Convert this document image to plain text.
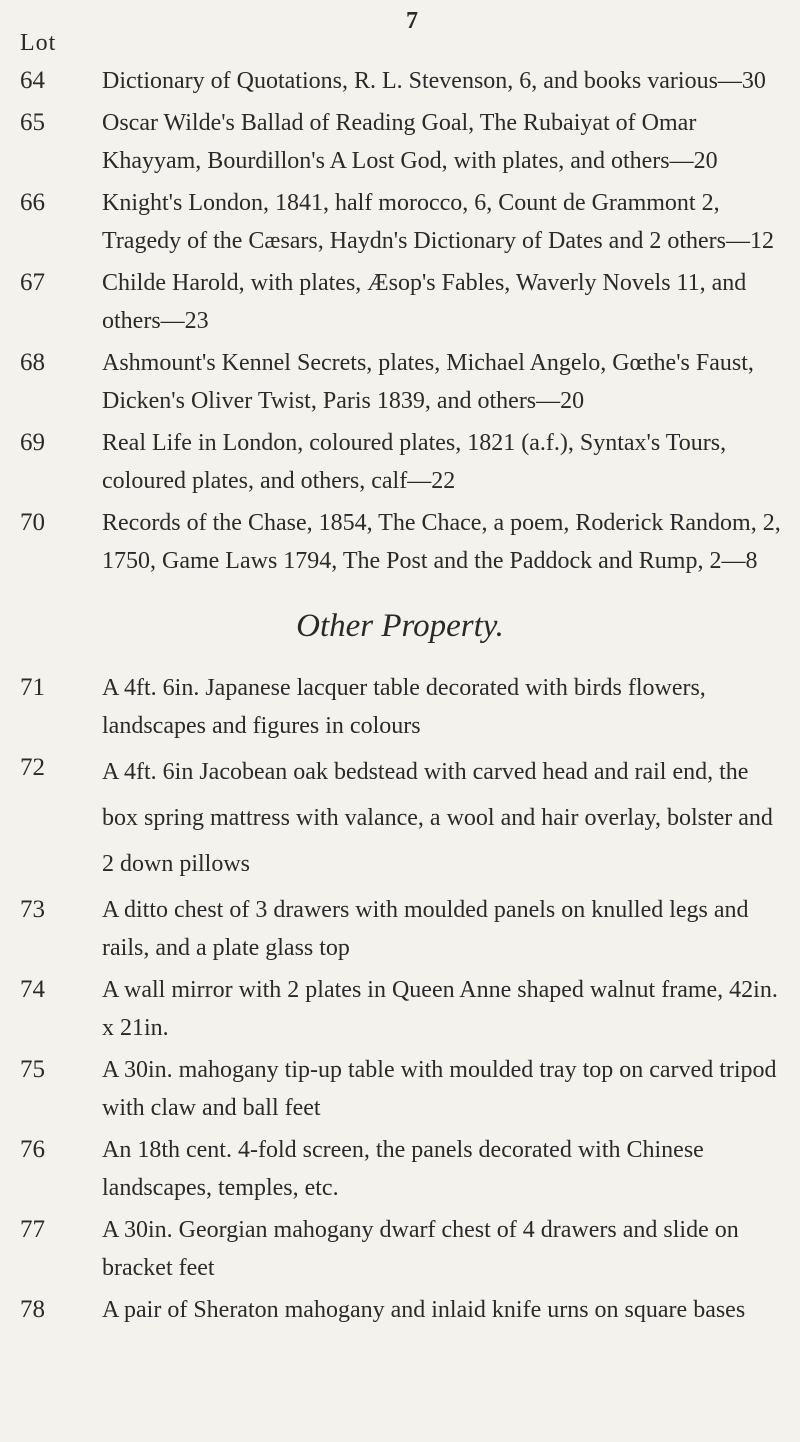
7
Lot
64 Dictionary of Quotations, R. L. Stevenson, 6, and books various—30
65 Oscar Wilde's Ballad of Reading Goal, The Rubaiyat of Omar Khayyam, Bourdillon's A Lost God, with plates, and others—20
66 Knight's London, 1841, half morocco, 6, Count de Grammont 2, Tragedy of the Cæsars, Haydn's Dictionary of Dates and 2 others—12
67 Childe Harold, with plates, Æsop's Fables, Waverly Novels 11, and others—23
68 Ashmount's Kennel Secrets, plates, Michael Angelo, Gœthe's Faust, Dicken's Oliver Twist, Paris 1839, and others—20
69 Real Life in London, coloured plates, 1821 (a.f.), Syntax's Tours, coloured plates, and others, calf—22
70 Records of the Chase, 1854, The Chace, a poem, Roderick Random, 2, 1750, Game Laws 1794, The Post and the Paddock and Rump, 2—8
Other Property.
71 A 4ft. 6in. Japanese lacquer table decorated with birds flowers, landscapes and figures in colours
72 A 4ft. 6in Jacobean oak bedstead with carved head and rail end, the box spring mattress with valance, a wool and hair overlay, bolster and 2 down pillows
73 A ditto chest of 3 drawers with moulded panels on knulled legs and rails, and a plate glass top
74 A wall mirror with 2 plates in Queen Anne shaped walnut frame, 42in. x 21in.
75 A 30in. mahogany tip-up table with moulded tray top on carved tripod with claw and ball feet
76 An 18th cent. 4-fold screen, the panels decorated with Chinese landscapes, temples, etc.
77 A 30in. Georgian mahogany dwarf chest of 4 drawers and slide on bracket feet
78 A pair of Sheraton mahogany and inlaid knife urns on square bases
